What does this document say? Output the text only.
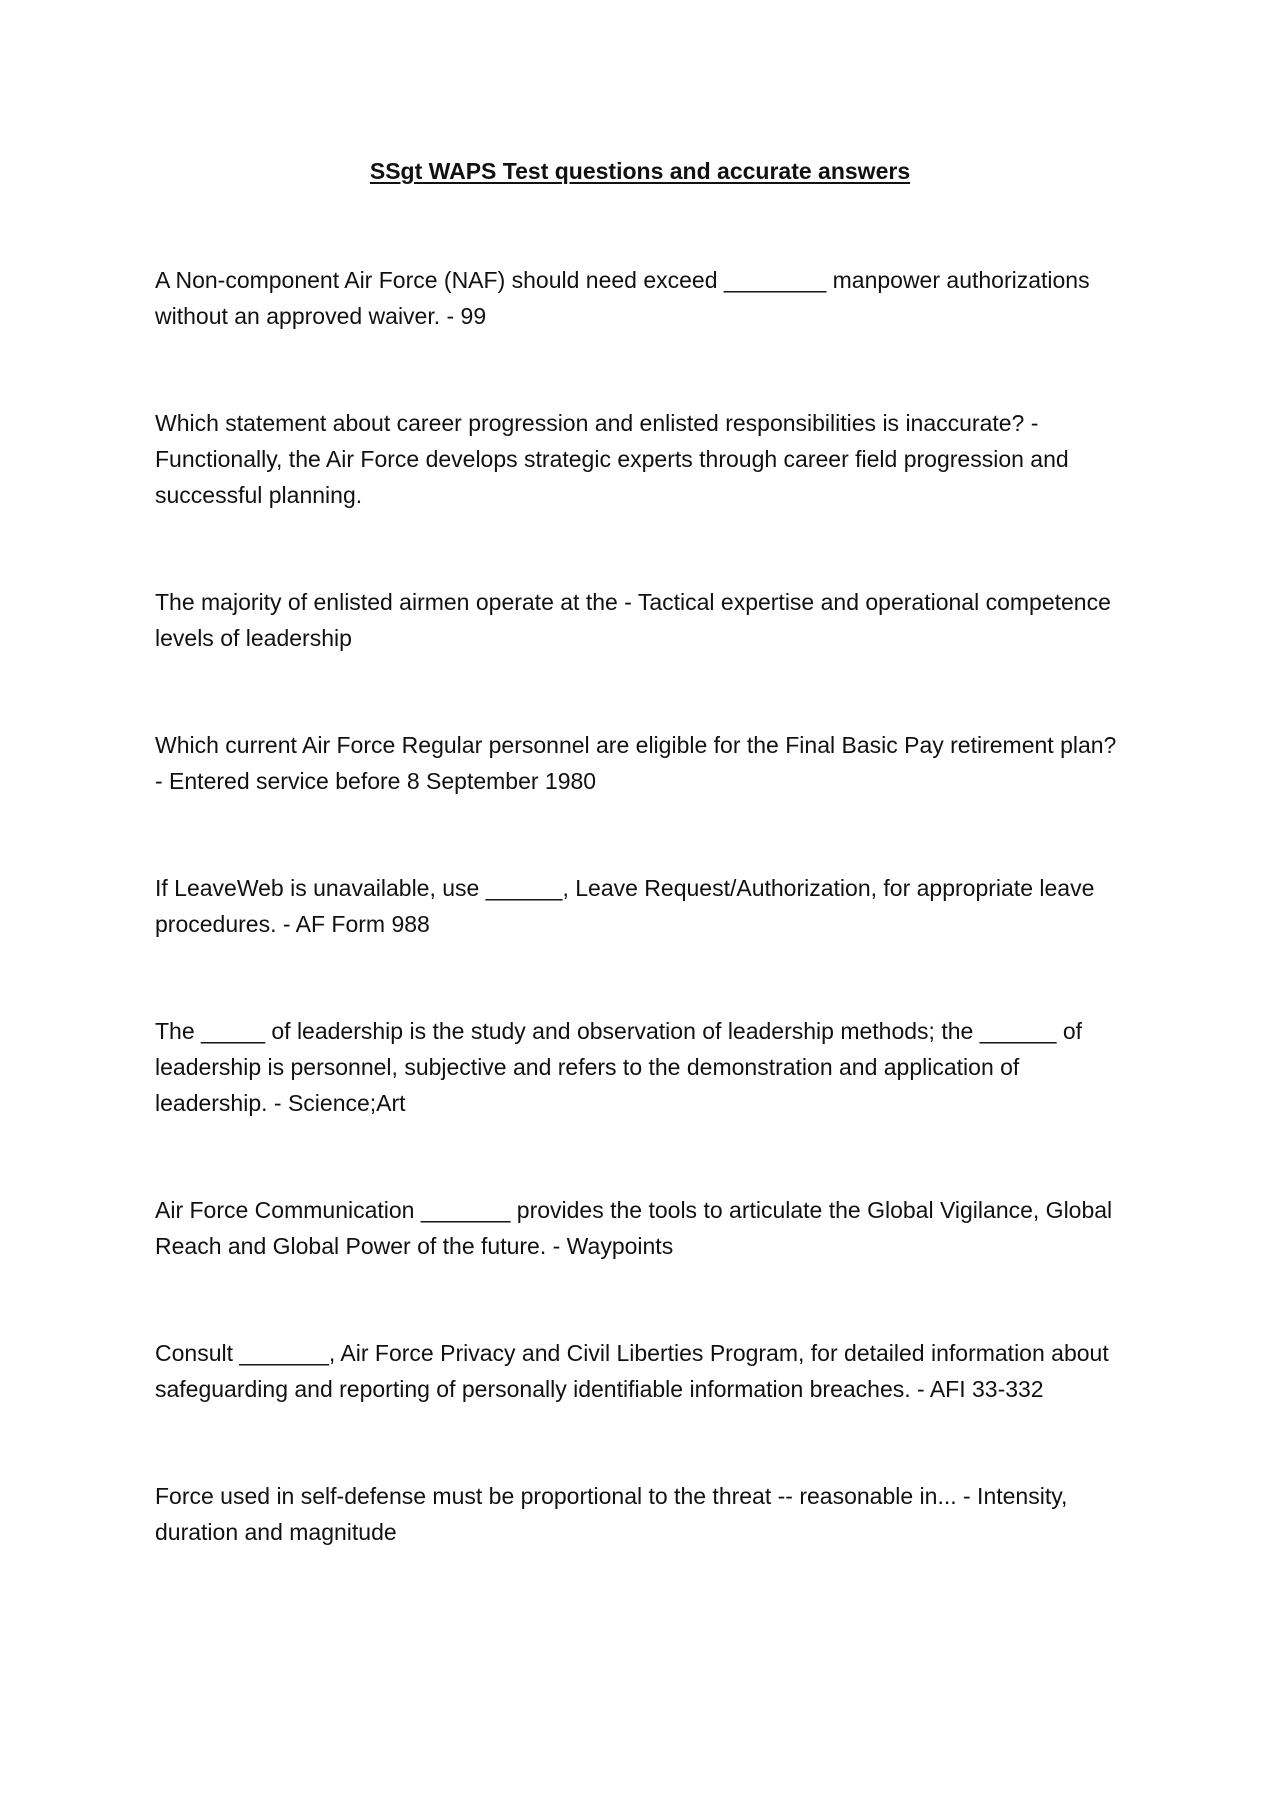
SSgt WAPS Test questions and accurate answers

A Non-component Air Force (NAF) should need exceed ________ manpower authorizations without an approved waiver. - 99

Which statement about career progression and enlisted responsibilities is inaccurate? - Functionally, the Air Force develops strategic experts through career field progression and successful planning.

The majority of enlisted airmen operate at the - Tactical expertise and operational competence levels of leadership

Which current Air Force Regular personnel are eligible for the Final Basic Pay retirement plan? - Entered service before 8 September 1980

If LeaveWeb is unavailable, use ______, Leave Request/Authorization, for appropriate leave procedures. - AF Form 988

The _____ of leadership is the study and observation of leadership methods; the ______ of leadership is personnel, subjective and refers to the demonstration and application of leadership. - Science;Art

Air Force Communication _______ provides the tools to articulate the Global Vigilance, Global Reach and Global Power of the future. - Waypoints

Consult _______, Air Force Privacy and Civil Liberties Program, for detailed information about safeguarding and reporting of personally identifiable information breaches. - AFI 33-332

Force used in self-defense must be proportional to the threat -- reasonable in... - Intensity, duration and magnitude
